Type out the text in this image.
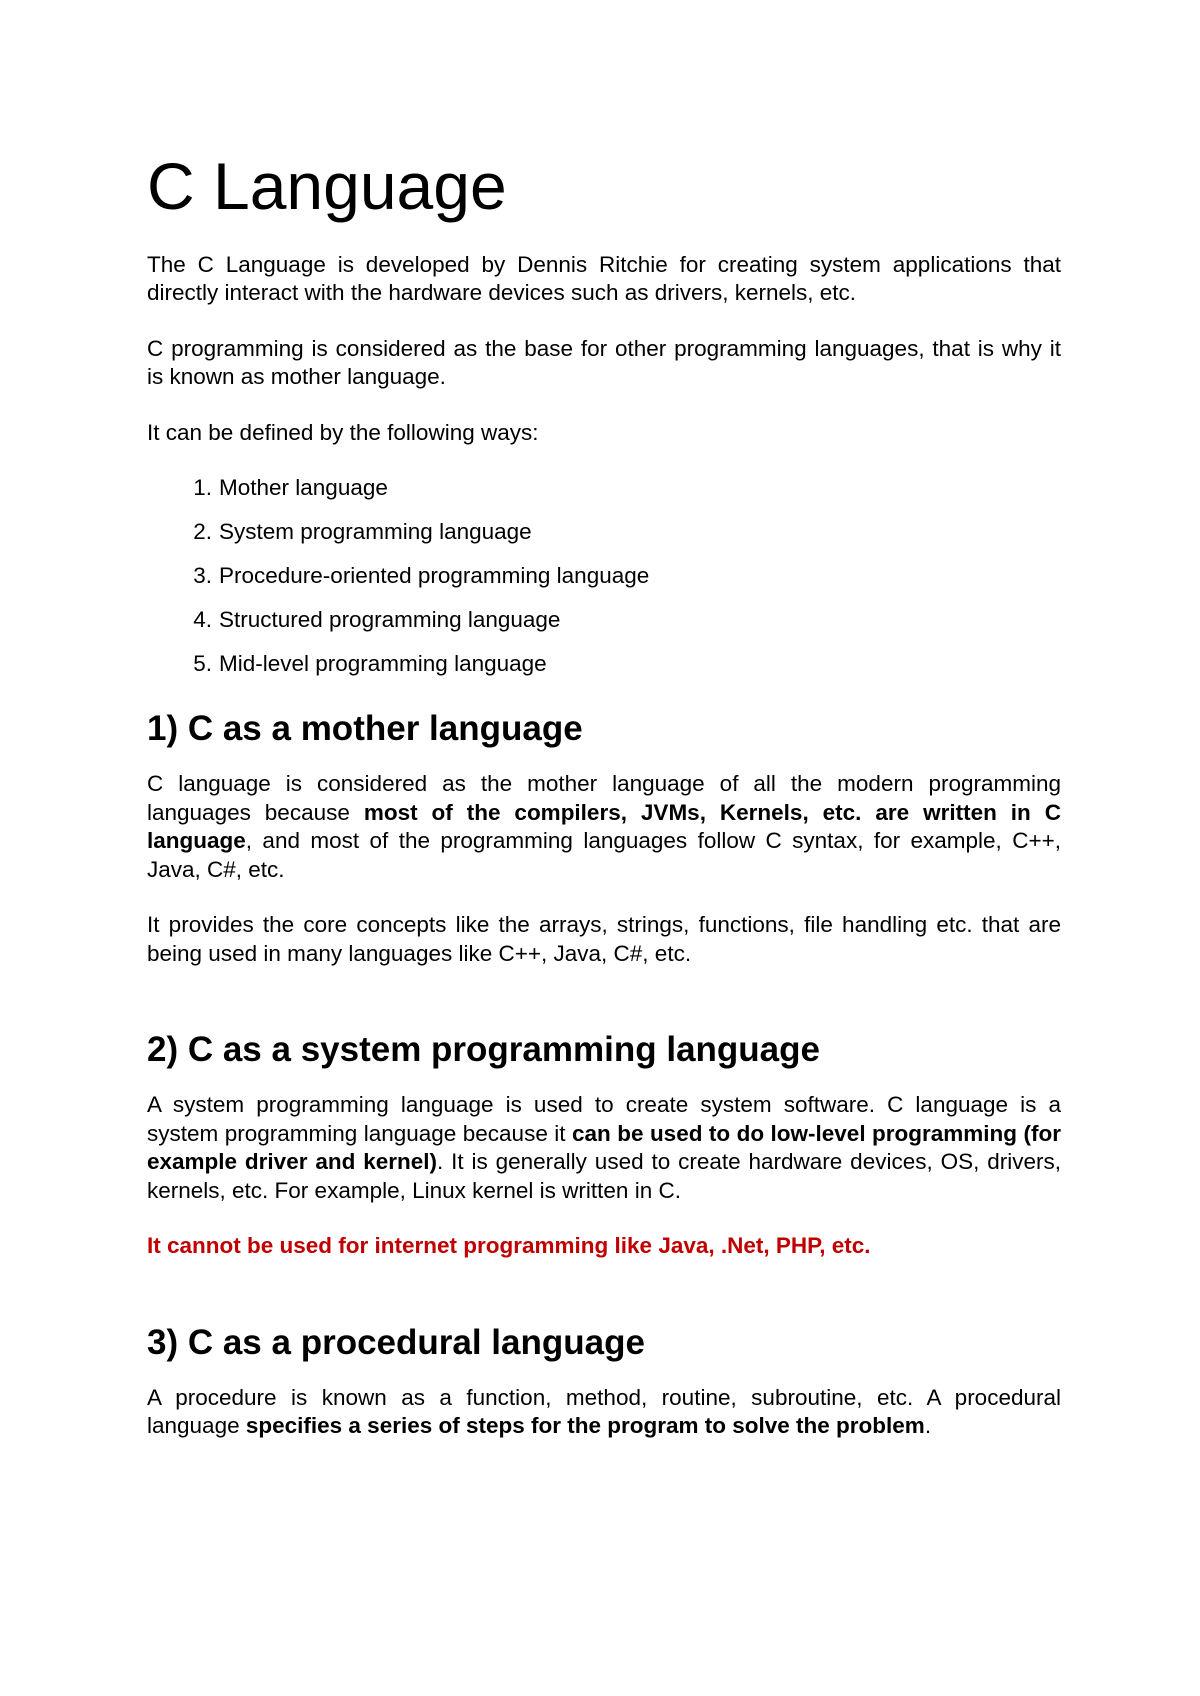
C Language

The C Language is developed by Dennis Ritchie for creating system applications that directly interact with the hardware devices such as drivers, kernels, etc.

C programming is considered as the base for other programming languages, that is why it is known as mother language.

It can be defined by the following ways:

1. Mother language
2. System programming language
3. Procedure-oriented programming language
4. Structured programming language
5. Mid-level programming language
1) C as a mother language

C language is considered as the mother language of all the modern programming languages because most of the compilers, JVMs, Kernels, etc. are written in C language, and most of the programming languages follow C syntax, for example, C++, Java, C#, etc.

It provides the core concepts like the arrays, strings, functions, file handling etc. that are being used in many languages like C++, Java, C#, etc.

2) C as a system programming language

A system programming language is used to create system software. C language is a system programming language because it can be used to do low-level programming (for example driver and kernel). It is generally used to create hardware devices, OS, drivers, kernels, etc. For example, Linux kernel is written in C.

It cannot be used for internet programming like Java, .Net, PHP, etc.

3) C as a procedural language

A procedure is known as a function, method, routine, subroutine, etc. A procedural language specifies a series of steps for the program to solve the problem.
